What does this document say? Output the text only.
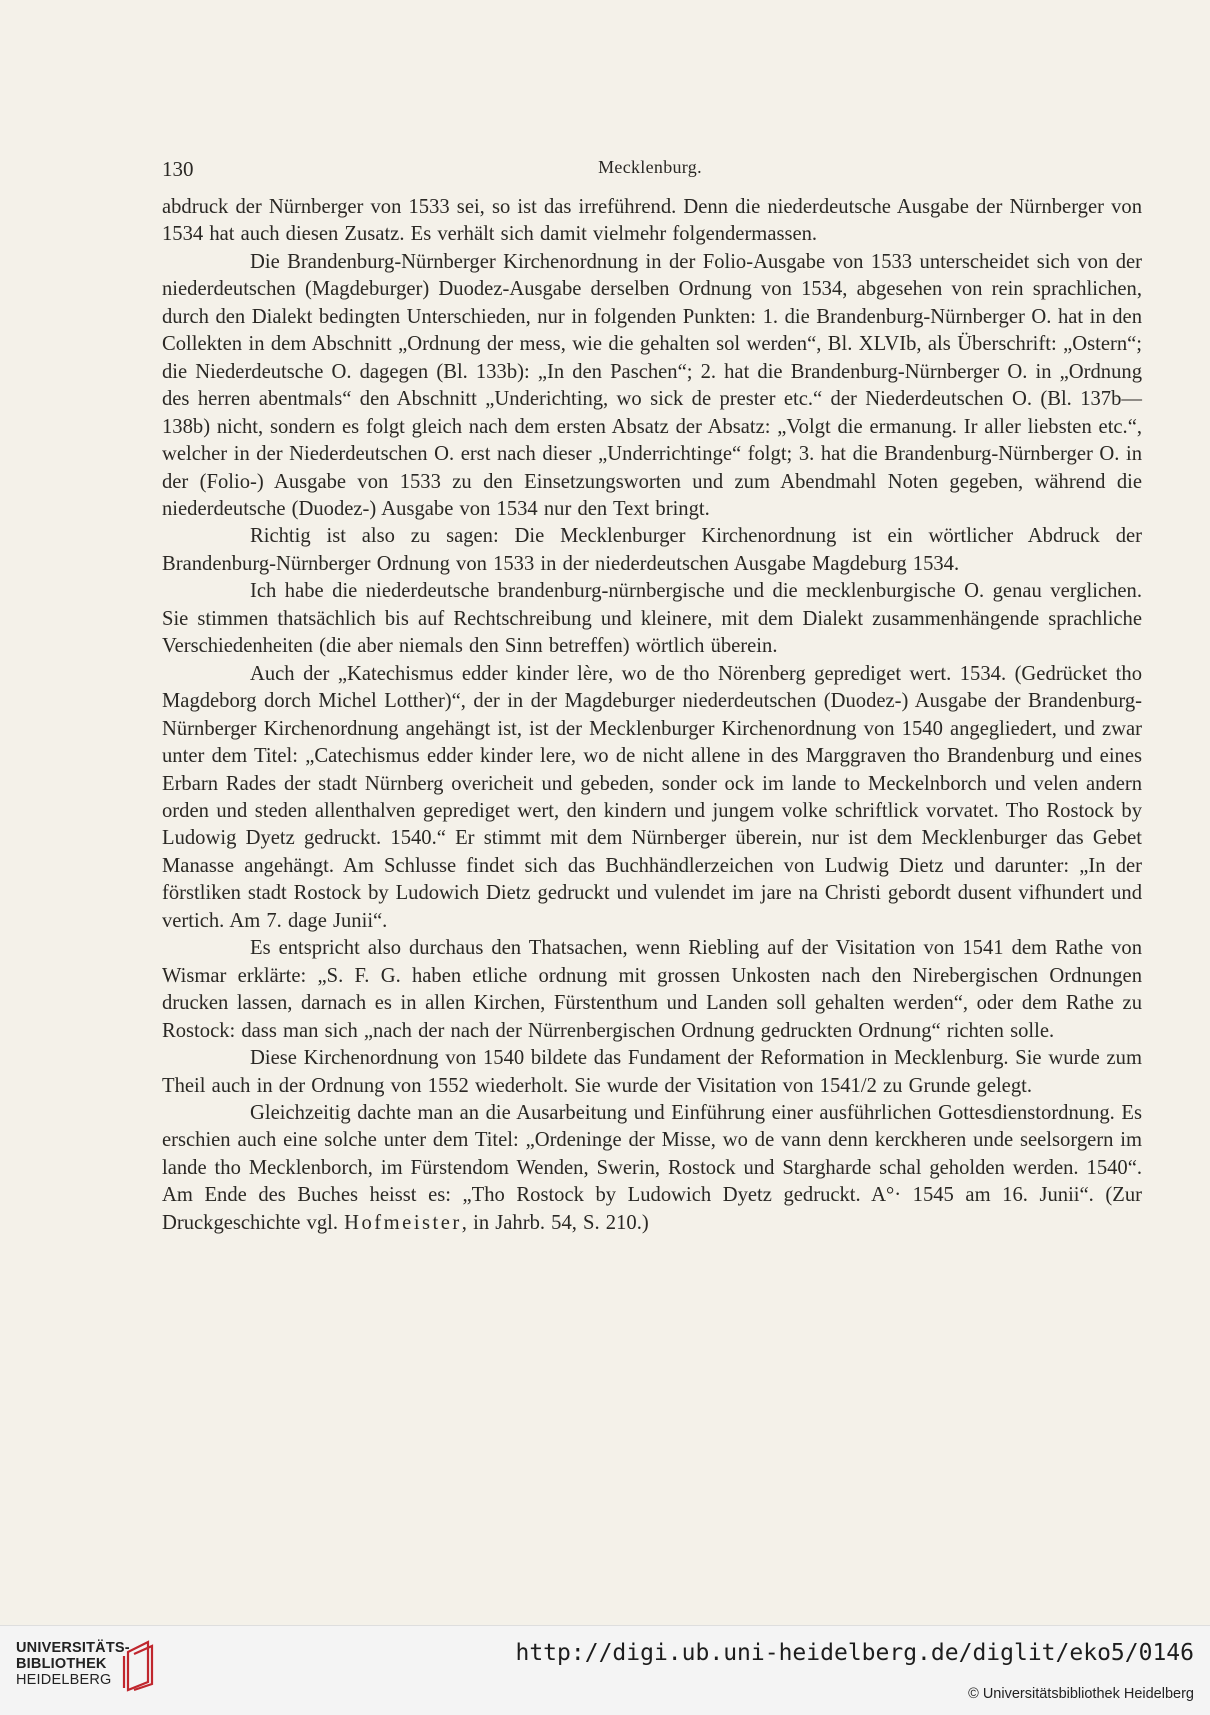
130	Mecklenburg.

abdruck der Nürnberger von 1533 sei, so ist das irreführend. Denn die niederdeutsche Ausgabe der Nürnberger von 1534 hat auch diesen Zusatz. Es verhält sich damit vielmehr folgendermassen.

Die Brandenburg-Nürnberger Kirchenordnung in der Folio-Ausgabe von 1533 unterscheidet sich von der niederdeutschen (Magdeburger) Duodez-Ausgabe derselben Ordnung von 1534, abgesehen von rein sprachlichen, durch den Dialekt bedingten Unterschieden, nur in folgenden Punkten: 1. die Brandenburg-Nürnberger O. hat in den Collekten in dem Abschnitt „Ordnung der mess, wie die gehalten sol werden“, Bl. XLVIb, als Überschrift: „Ostern“; die Niederdeutsche O. dagegen (Bl. 133b): „In den Paschen“; 2. hat die Brandenburg-Nürnberger O. in „Ordnung des herren abentmals“ den Abschnitt „Underichting, wo sick de prester etc.“ der Niederdeutschen O. (Bl. 137b—138b) nicht, sondern es folgt gleich nach dem ersten Absatz der Absatz: „Volgt die ermanung. Ir aller liebsten etc.“, welcher in der Niederdeutschen O. erst nach dieser „Underrichtinge“ folgt; 3. hat die Brandenburg-Nürnberger O. in der (Folio-) Ausgabe von 1533 zu den Einsetzungsworten und zum Abendmahl Noten gegeben, während die niederdeutsche (Duodez-) Ausgabe von 1534 nur den Text bringt.

Richtig ist also zu sagen: Die Mecklenburger Kirchenordnung ist ein wörtlicher Abdruck der Brandenburg-Nürnberger Ordnung von 1533 in der niederdeutschen Ausgabe Magdeburg 1534.

Ich habe die niederdeutsche brandenburg-nürnbergische und die mecklenburgische O. genau verglichen. Sie stimmen thatsächlich bis auf Rechtschreibung und kleinere, mit dem Dialekt zusammenhängende sprachliche Verschiedenheiten (die aber niemals den Sinn betreffen) wörtlich überein.

Auch der „Katechismus edder kinder lère, wo de tho Nörenberg geprediget wert. 1534. (Gedrücket tho Magdeborg dorch Michel Lotther)“, der in der Magdeburger niederdeutschen (Duodez-) Ausgabe der Brandenburg-Nürnberger Kirchenordnung angehängt ist, ist der Mecklenburger Kirchenordnung von 1540 angegliedert, und zwar unter dem Titel: „Catechismus edder kinder lere, wo de nicht allene in des Marggraven tho Brandenburg und eines Erbarn Rades der stadt Nürnberg overicheit und gebeden, sonder ock im lande to Meckelnborch und velen andern orden und steden allenthalven geprediget wert, den kindern und jungem volke schriftlick vorvatet. Tho Rostock by Ludowig Dyetz gedruckt. 1540.“ Er stimmt mit dem Nürnberger überein, nur ist dem Mecklenburger das Gebet Manasse angehängt. Am Schlusse findet sich das Buchhändlerzeichen von Ludwig Dietz und darunter: „In der förstliken stadt Rostock by Ludowich Dietz gedruckt und vulendet im jare na Christi gebordt dusent vifhundert und vertich. Am 7. dage Junii“.

Es entspricht also durchaus den Thatsachen, wenn Riebling auf der Visitation von 1541 dem Rathe von Wismar erklärte: „S. F. G. haben etliche ordnung mit grossen Unkosten nach den Nirebergischen Ordnungen drucken lassen, darnach es in allen Kirchen, Fürstenthum und Landen soll gehalten werden“, oder dem Rathe zu Rostock: dass man sich „nach der nach der Nürrenbergischen Ordnung gedruckten Ordnung“ richten solle.

Diese Kirchenordnung von 1540 bildete das Fundament der Reformation in Mecklenburg. Sie wurde zum Theil auch in der Ordnung von 1552 wiederholt. Sie wurde der Visitation von 1541/2 zu Grunde gelegt.

Gleichzeitig dachte man an die Ausarbeitung und Einführung einer ausführlichen Gottesdienstordnung. Es erschien auch eine solche unter dem Titel: „Ordeninge der Misse, wo de vann denn kerckheren unde seelsorgern im lande tho Mecklenborch, im Fürstendom Wenden, Swerin, Rostock und Stargharde schal geholden werden. 1540“. Am Ende des Buches heisst es: „Tho Rostock by Ludowich Dyetz gedruckt. A°· 1545 am 16. Junii“. (Zur Druckgeschichte vgl. Hofmeister, in Jahrb. 54, S. 210.)

UNIVERSITÄTS-
BIBLIOTHEK
HEIDELBERG
http://digi.ub.uni-heidelberg.de/diglit/eko5/0146
© Universitätsbibliothek Heidelberg
